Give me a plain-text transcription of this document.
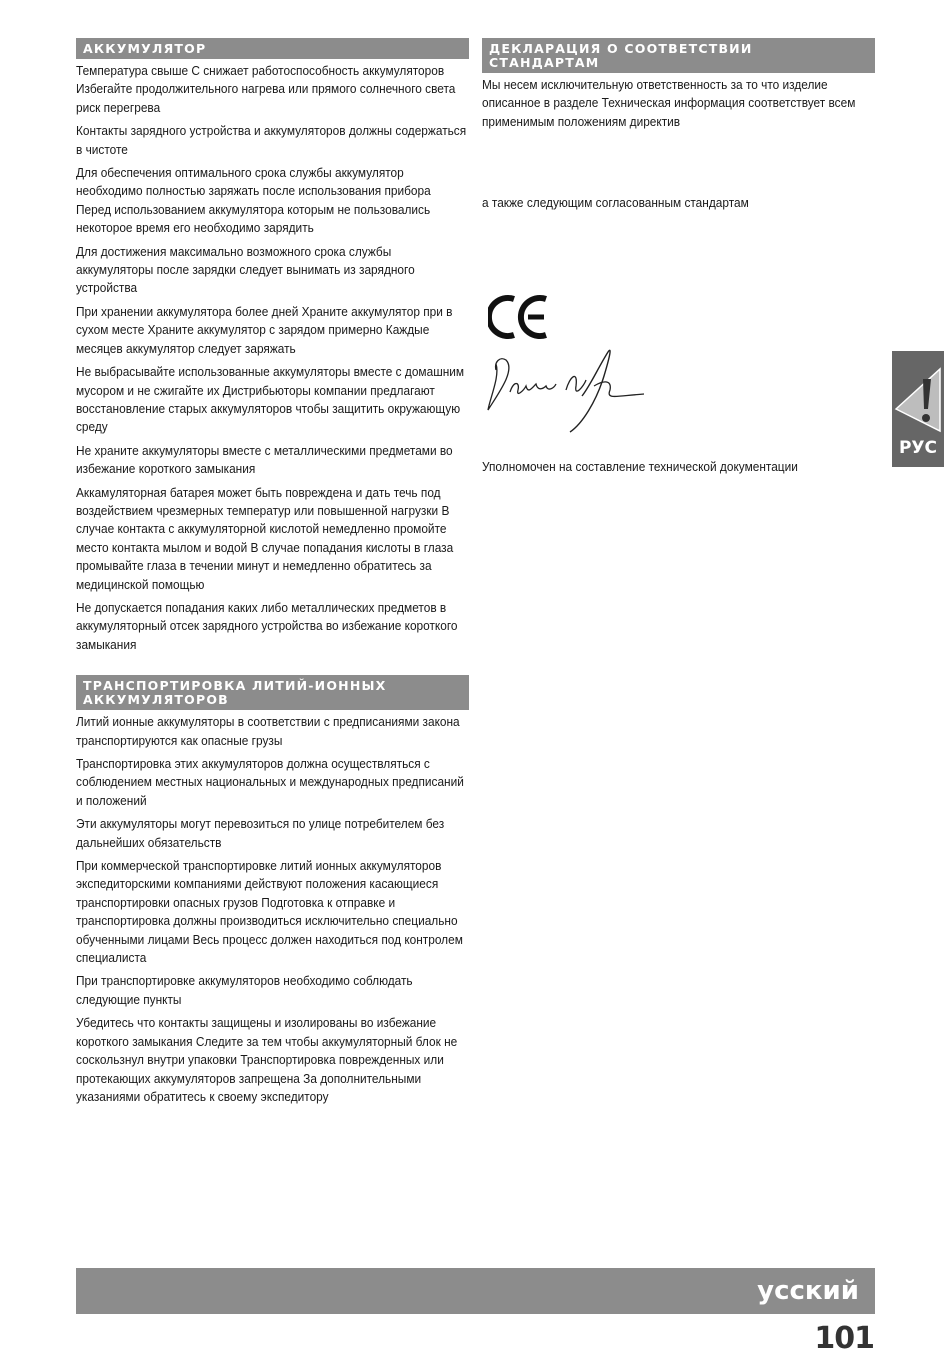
АККУМУЛЯТОР

Температура свыше С снижает работоспособность аккумуляторов Избегайте продолжительного нагрева или прямого солнечного света риск перегрева

Контакты зарядного устройства и аккумуляторов должны содержаться в чистоте

Для обеспечения оптимального срока службы аккумулятор необходимо полностью заряжать после использования прибора Перед использованием аккумулятора которым не пользовались некоторое время его необходимо зарядить

Для достижения максимально возможного срока службы аккумуляторы после зарядки следует вынимать из зарядного устройства

При хранении аккумулятора более дней Храните аккумулятор при в сухом месте Храните аккумулятор с зарядом примерно Каждые месяцев аккумулятор следует заряжать

Не выбрасывайте использованные аккумуляторы вместе с домашним мусором и не сжигайте их Дистрибьюторы компании предлагают восстановление старых аккумуляторов чтобы защитить окружающую среду

Не храните аккумуляторы вместе с металлическими предметами во избежание короткого замыкания

Аккамуляторная батарея может быть повреждена и дать течь под воздействием чрезмерных температур или повышенной нагрузки В случае контакта с аккумуляторной кислотой немедленно промойте место контакта мылом и водой В случае попадания кислоты в глаза промывайте глаза в течении минут и немедленно обратитесь за медицинской помощью

Не допускается попадания каких либо металлических предметов в аккумуляторный отсек зарядного устройства во избежание короткого замыкания

ТРАНСПОРТИРОВКА ЛИТИЙ-ИОННЫХ
АККУМУЛЯТОРОВ

Литий ионные аккумуляторы в соответствии с предписаниями закона транспортируются как опасные грузы

Транспортировка этих аккумуляторов должна осуществляться с соблюдением местных национальных и международных предписаний и положений

Эти аккумуляторы могут перевозиться по улице потребителем без дальнейших обязательств

При коммерческой транспортировке литий ионных аккумуляторов экспедиторскими компаниями действуют положения касающиеся транспортировки опасных грузов Подготовка к отправке и транспортировка должны производиться исключительно специально обученными лицами Весь процесс должен находиться под контролем специалиста

При транспортировке аккумуляторов необходимо соблюдать следующие пункты

Убедитесь что контакты защищены и изолированы во избежание короткого замыкания Следите за тем чтобы аккумуляторный блок не соскользнул внутри упаковки Транспортировка поврежденных или протекающих аккумуляторов запрещена За дополнительными указаниями обратитесь к своему экспедитору

ДЕКЛАРАЦИЯ О СООТВЕТСТВИИ СТАНДАРТАМ

Мы несем исключительную ответственность за то что изделие описанное в разделе Техническая информация соответствует всем применимым положениям директив

а также следующим согласованным стандартам

Уполномочен на составление технической документации

РУС
усский
101
